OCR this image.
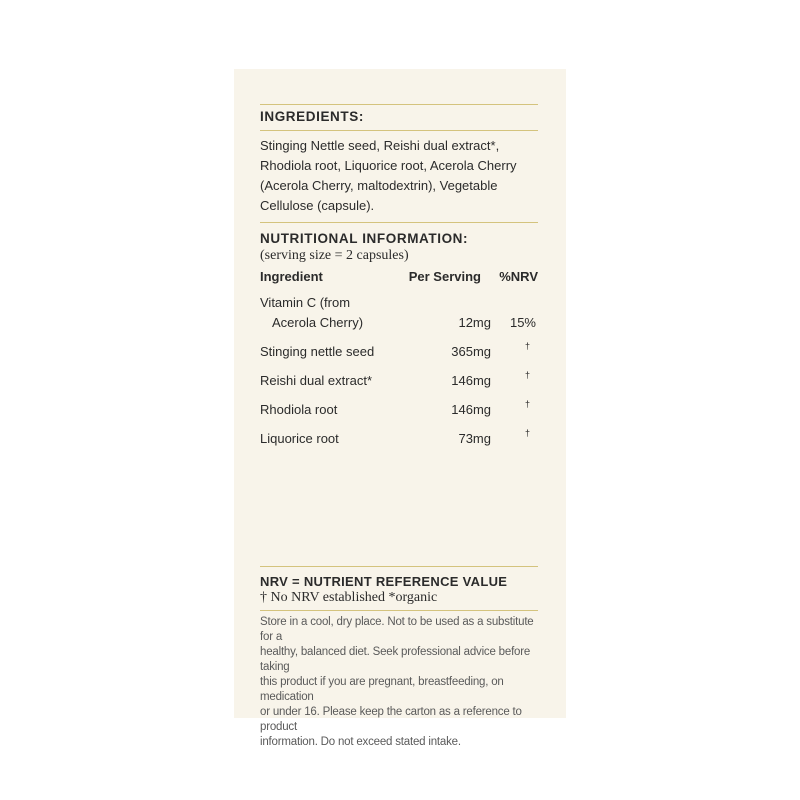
INGREDIENTS:
Stinging Nettle seed, Reishi dual extract*,
Rhodiola root, Liquorice root, Acerola Cherry
(Acerola Cherry, maltodextrin), Vegetable
Cellulose (capsule).
NUTRITIONAL INFORMATION:
(serving size = 2 capsules)
Ingredient	Per Serving %NRV
Vitamin C (from
Acerola Cherry)	12mg 15%
Stinging nettle seed	365mg	†
Reishi dual extract*	146mg	†
Rhodiola root	146mg	†
Liquorice root	73mg	†
NRV = NUTRIENT REFERENCE VALUE
† No NRV established *organic
Store in a cool, dry place. Not to be used as a substitute for a
healthy, balanced diet. Seek professional advice before taking
this product if you are pregnant, breastfeeding, on medication
or under 16. Please keep the carton as a reference to product
information. Do not exceed stated intake.
